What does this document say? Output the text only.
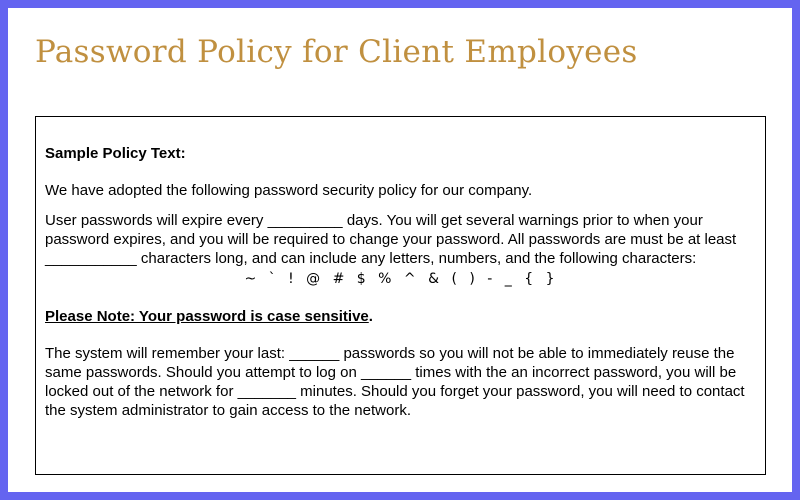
Password Policy for Client Employees

Sample Policy Text:

We have adopted the following password security policy for our company.

User passwords will expire every _________ days. You will get several warnings prior to when your password expires, and you will be required to change your password. All passwords are must be at least ___________ characters long, and can include any letters, numbers, and the following characters:

~ ` ! @ # $ % ^ & ( ) - _ { }

Please Note: Your password is case sensitive.

The system will remember your last: ______ passwords so you will not be able to immediately reuse the same passwords. Should you attempt to log on ______ times with the an incorrect password, you will be locked out of the network for _______ minutes. Should you forget your password, you will need to contact the system administrator to gain access to the network.
